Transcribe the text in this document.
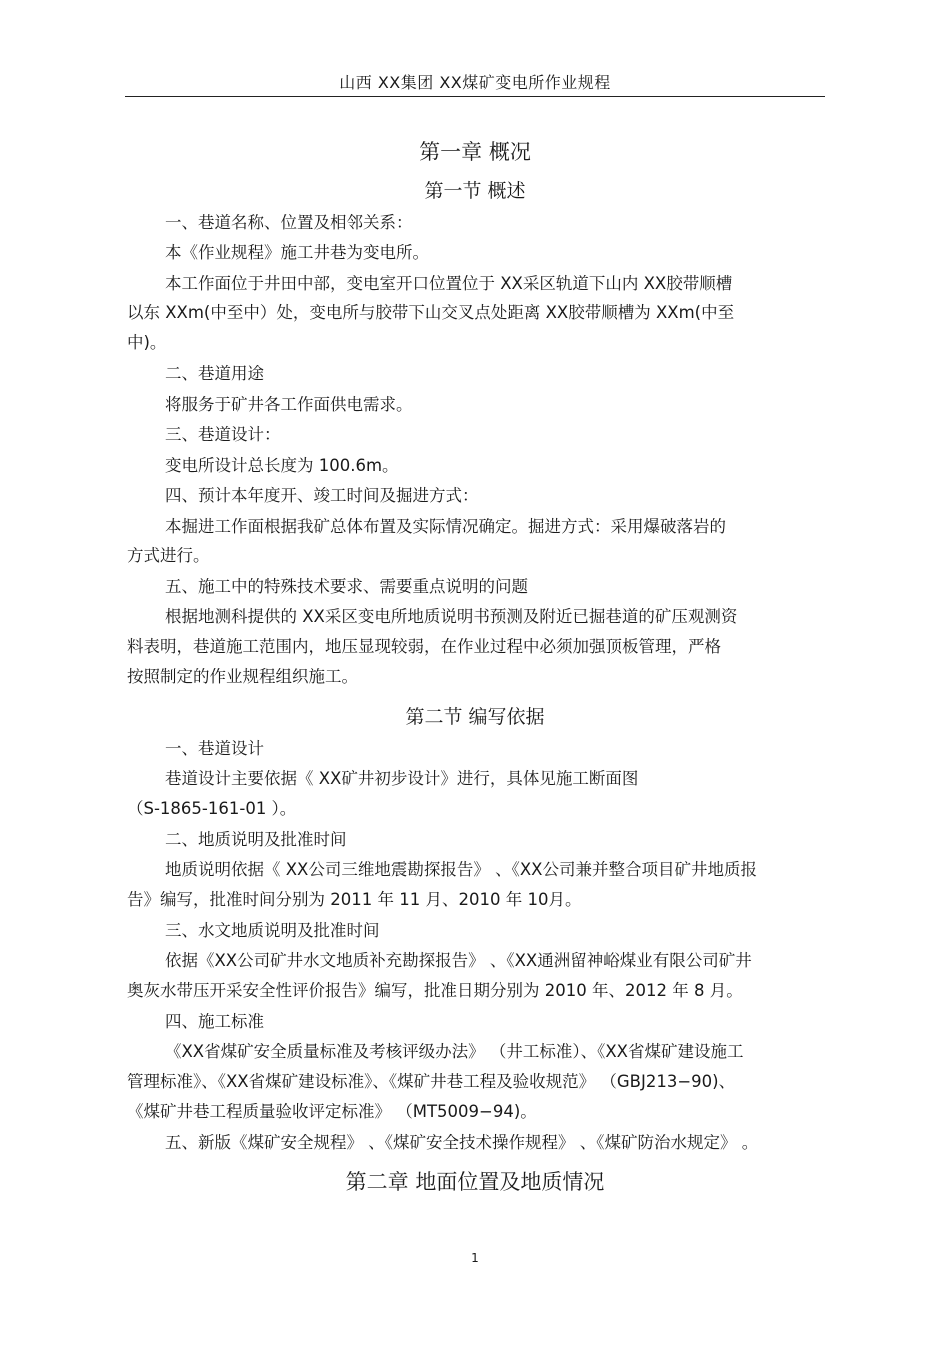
山西 XX集团 XX煤矿变电所作业规程
第一章 概况
第一节 概述
一、巷道名称、位置及相邻关系：
本《作业规程》施工井巷为变电所。
本工作面位于井田中部，变电室开口位置位于 XX采区轨道下山内 XX胶带顺槽
以东 XXm(中至中）处，变电所与胶带下山交叉点处距离 XX胶带顺槽为 XXm(中至
中)。
二、巷道用途
将服务于矿井各工作面供电需求。
三、巷道设计：
变电所设计总长度为 100.6m。
四、预计本年度开、竣工时间及掘进方式：
本掘进工作面根据我矿总体布置及实际情况确定。掘进方式：采用爆破落岩的
方式进行。
五、施工中的特殊技术要求、需要重点说明的问题
根据地测科提供的 XX采区变电所地质说明书预测及附近已掘巷道的矿压观测资
料表明，巷道施工范围内，地压显现较弱，在作业过程中必须加强顶板管理，严格
按照制定的作业规程组织施工。
第二节 编写依据
一、巷道设计
巷道设计主要依据《 XX矿井初步设计》进行，具体见施工断面图
（S-1865-161-01 ）。
二、地质说明及批准时间
地质说明依据《 XX公司三维地震勘探报告》 、《XX公司兼并整合项目矿井地质报
告》编写，批准时间分别为 2011 年 11 月、2010 年 10月。
三、水文地质说明及批准时间
依据《XX公司矿井水文地质补充勘探报告》 、《XX通洲留神峪煤业有限公司矿井
奥灰水带压开采安全性评价报告》编写，批准日期分别为 2010 年、2012 年 8 月。
四、施工标准
《XX省煤矿安全质量标准及考核评级办法》 （井工标准）、《XX省煤矿建设施工
管理标准》、《XX省煤矿建设标准》、《煤矿井巷工程及验收规范》 （GBJ213−90)、
《煤矿井巷工程质量验收评定标准》 （MT5009−94)。
五、新版《煤矿安全规程》 、《煤矿安全技术操作规程》 、《煤矿防治水规定》 。
第二章 地面位置及地质情况
1
